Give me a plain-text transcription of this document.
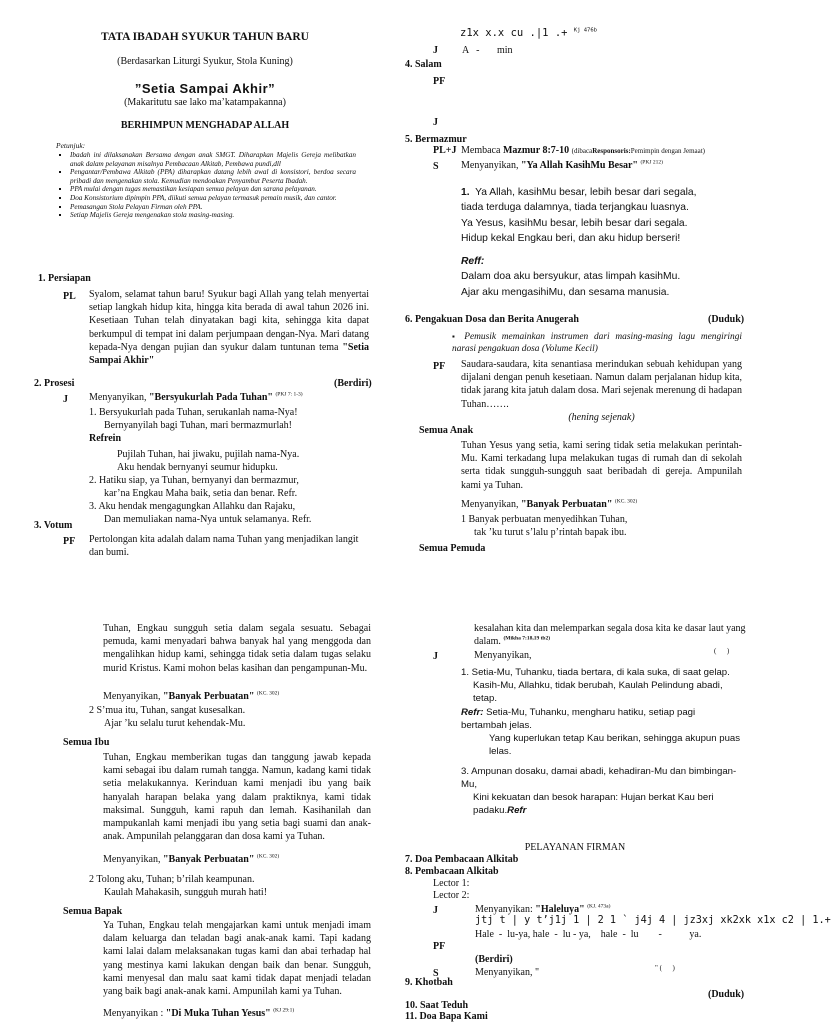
TATA IBADAH SYUKUR TAHUN BARU
(Berdasarkan Liturgi Syukur, Stola Kuning)
”Setia Sampai Akhir”
(Makaritutu sae lako ma’katampakanna)
BERHIMPUN MENGHADAP ALLAH
Petunjuk:
▪ Ibadah ini dilaksanakan Bersama dengan anak SMGT. Diharapkan Majelis Gereja melibatkan anak dalam pelayanan misalnya Pembacaan Alkitab, Pembawa pundi,dll
▪ Pengantar/Pembawa Alkitab (PPA) diharapkan datang lebih awal di konsistori, berdoa secara pribadi dan mengenakan stola. Kemudian mendoakan Penyambut Peserta Ibadah.
▪ PPA mulai dengan tugas memastikan kesiapan semua pelayan dan sarana pelayanan.
▪ Doa Konsistorium dipimpin PPA, diikuti semua pelayan termasuk pemain musik, dan cantor.
▪ Pemasangan Stola Pelayan Firman oleh PPA.
▪ Setiap Majelis Gereja mengenakan stola masing-masing.
1. Persiapan
PL Syalom, selamat tahun baru! Syukur bagi Allah yang telah menyertai setiap langkah hidup kita, hingga kita berada di awal tahun 2026 ini. Kesetiaan Tuhan telah dinyatakan bagi kita, sehingga kita dapat berkumpul di tempat ini dalam perjumpaan dengan-Nya. Mari datang kepada-Nya dengan pujian dan syukur dalam tuntunan tema "Setia Sampai Akhir"
2. Prosesi	(Berdiri)
J Menyanyikan, "Bersyukurlah Pada Tuhan" $^{(PKJ 7: 1-3)}$
1. Bersyukurlah pada Tuhan, serukanlah nama-Nya!
Bernyanyilah bagi Tuhan, mari bermazmurlah!
Refrein
Pujilah Tuhan, hai jiwaku, pujilah nama-Nya.
Aku hendak bernyanyi seumur hidupku.
2. Hatiku siap, ya Tuhan, bernyanyi dan bermazmur,
kar’na Engkau Maha baik, setia dan benar. Refr.
3. Aku hendak mengagungkan Allahku dan Rajaku,
Dan memuliakan nama-Nya untuk selamanya. Refr.
3. Votum
PF Pertolongan kita adalah dalam nama Tuhan yang menjadikan langit dan bumi.
z1x x.x cu .|1 .+ $^{Kj 476b}$
J A   -       min
4. Salam
PF
J
5. Bermazmur
PL+J Membaca Mazmur 8:7-10 (dibacaResponsoris:Pemimpin dengan Jemaat)
S Menyanyikan, "Ya Allah KasihMu Besar" $^{(PKJ 212)}$
1. Ya Allah, kasihMu besar, lebih besar dari segala,
tiada terduga dalamnya, tiada terjangkau luasnya.
Ya Yesus, kasihMu besar, lebih besar dari segala.
Hidup kekal Engkau beri, dan aku hidup berseri!
Reff:
Dalam doa aku bersyukur, atas limpah kasihMu.
Ajar aku mengasihiMu, dan sesama manusia.
6. Pengakuan Dosa dan Berita Anugerah	(Duduk)
▪ Pemusik memainkan instrumen dari masing-masing lagu mengiringi narasi pengakuan dosa (Volume Kecil)
PF Saudara-saudara, kita senantiasa merindukan sebuah kehidupan yang dijalani dengan penuh kesetiaan. Namun dalam perjalanan hidup kita, tidak jarang kita jatuh dalam dosa. Mari sejenak merenung di hadapan Tuhan…….
(hening sejenak)
Semua Anak
Tuhan Yesus yang setia, kami sering tidak setia melakukan perintah-Mu. Kami terkadang lupa melakukan tugas di rumah dan di sekolah serta tidak sungguh-sungguh saat beribadah di gereja. Ampunilah kami ya Tuhan.
Menyanyikan, "Banyak Perbuatan" $^{(KC. 302)}$
1 Banyak perbuatan menyedihkan Tuhan,
tak ’ku turut s’lalu p’rintah bapak ibu.
Semua Pemuda
Tuhan, Engkau sungguh setia dalam segala sesuatu. Sebagai pemuda, kami menyadari bahwa banyak hal yang menggoda dan mengalihkan hidup kami, sehingga tidak setia dalam tugas selaku murid Kristus. Kami mohon belas kasihan dan pengampunan-Mu.
Menyanyikan, "Banyak Perbuatan" $^{(KC. 302)}$
2 S’mua itu, Tuhan, sangat kusesalkan.
Ajar ’ku selalu turut kehendak-Mu.
Semua Ibu
Tuhan, Engkau memberikan tugas dan tanggung jawab kepada kami sebagai ibu dalam rumah tangga. Namun, kadang kami tidak setia melakukannya. Kerinduan kami menjadi ibu yang baik hanyalah harapan belaka yang dalam praktiknya, kami tidak maksimal. Sungguh, kami rapuh dan lemah. Kasihanilah dan mampukanlah kami menjadi ibu yang setia bagi suami dan anak-anak. Ampunilah pelanggaran dan dosa kami ya Tuhan.
Menyanyikan, "Banyak Perbuatan" $^{(KC. 302)}$
2 Tolong aku, Tuhan; b’rilah keampunan.
Kaulah Mahakasih, sungguh murah hati!
Semua Bapak
Ya Tuhan, Engkau telah mengajarkan kami untuk menjadi imam dalam keluarga dan teladan bagi anak-anak kami. Tapi kadang kami lalai dalam melaksanakan tugas kami dan abai terhadap hal yang mestinya kami lakukan dengan baik dan benar. Sungguh, kami menyesal dan malu saat kami tidak dapat menjadi teladan yang baik bagi anak-anak kami. Ampunilah kami ya Tuhan.
Menyanyikan : "Di Muka Tuhan Yesus" $^{(KJ 29:1)}$
kesalahan kita dan melemparkan segala dosa kita ke dasar laut yang dalam. $^{(Mikha 7:18,19 tb2)}$
J	Menyanyikan,	(      )
1. Setia-Mu, Tuhanku, tiada bertara, di kala suka, di saat gelap.
Kasih-Mu, Allahku, tidak berubah, Kaulah Pelindung abadi, tetap.
Refr: Setia-Mu, Tuhanku, mengharu hatiku, setiap pagi bertambah jelas.
Yang kuperlukan tetap Kau berikan, sehingga akupun puas lelas.
3. Ampunan dosaku, damai abadi, kehadiran-Mu dan bimbingan-Mu,
Kini kekuatan dan besok harapan: Hujan berkat Kau beri padaku.Refr
PELAYANAN FIRMAN
7. Doa Pembacaan Alkitab
8. Pembacaan Alkitab
Lector 1:
Lector 2:
J	Menyanyikan: "Haleluya" $^{(KJ. 473a)}$
jtj t | y t’j1j 1 | 2 1 ` j4j 4 | jz3xj xk2xk x1x c2 | 1.+
Hale  -  lu-ya, hale  -  lu - ya,    hale  -  lu        -           ya.
PF
(Berdiri)
S	Menyanyikan, "	" (      )
9. Khotbah
(Duduk)
10. Saat Teduh
11. Doa Bapa Kami
